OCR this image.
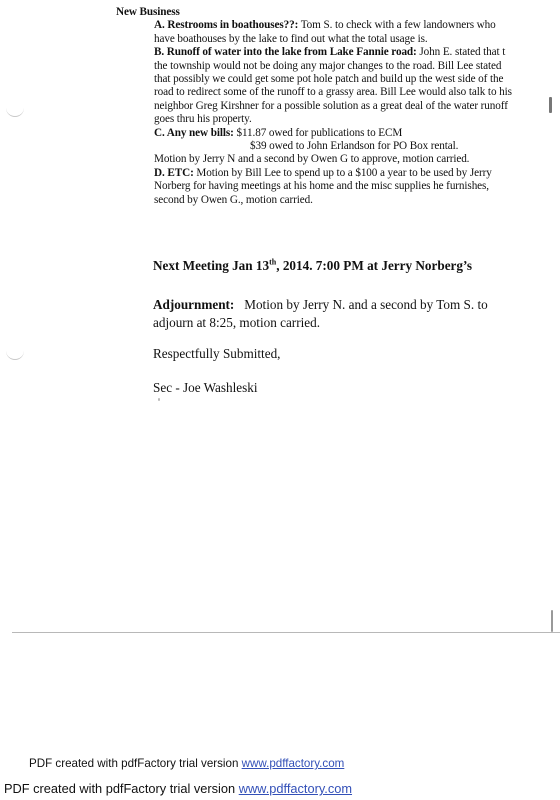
New Business
A. Restrooms in boathouses??: Tom S. to check with a few landowners who
have boathouses by the lake to find out what the total usage is.
B. Runoff of water into the lake from Lake Fannie road: John E. stated that t
the township would not be doing any major changes to the road. Bill Lee stated
that possibly we could get some pot hole patch and build up the west side of the
road to redirect some of the runoff to a grassy area. Bill Lee would also talk to his
neighbor Greg Kirshner for a possible solution as a great deal of the water runoff
goes thru his property.
C. Any new bills: $11.87 owed for publications to ECM

$39 owed to John Erlandson for PO Box rental.
Motion by Jerry N and a second by Owen G to approve, motion carried.
D. ETC: Motion by Bill Lee to spend up to a $100 a year to be used by Jerry
Norberg for having meetings at his home and the misc supplies he furnishes,
second by Owen G., motion carried.
Next Meeting Jan 13th, 2014. 7:00 PM at Jerry Norberg’s
Adjournment: Motion by Jerry N. and a second by Tom S. to
adjourn at 8:25, motion carried.
Respectfully Submitted,
Sec - Joe Washleski
PDF created with pdfFactory trial version www.pdffactory.com
PDF created with pdfFactory trial version www.pdffactory.com
